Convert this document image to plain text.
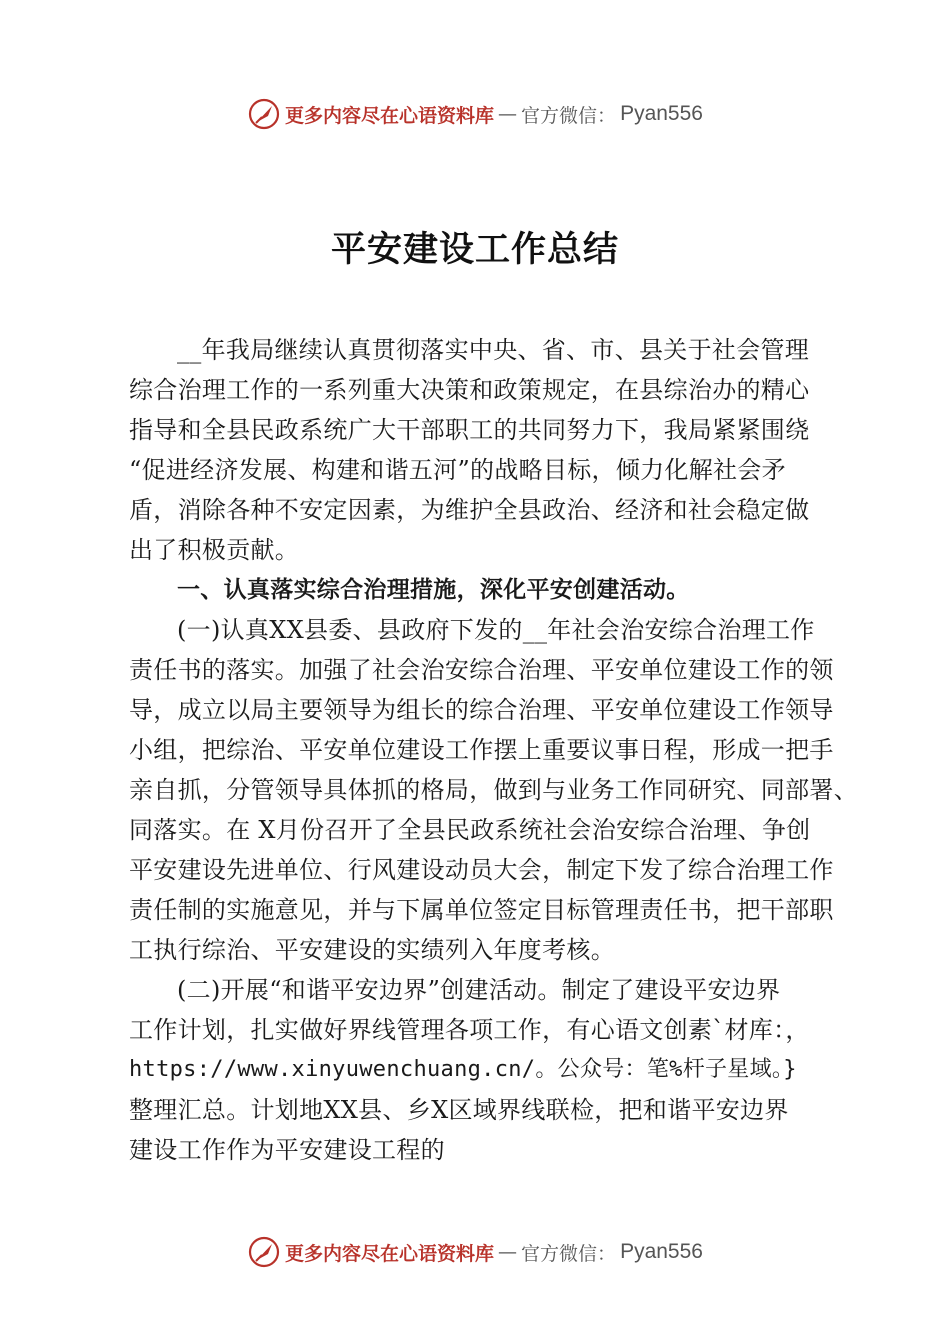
更多内容尽在心语资料库 — 官方微信： Pyan556
平安建设工作总结
__年我局继续认真贯彻落实中央、省、市、县关于社会管理
综合治理工作的一系列重大决策和政策规定，在县综治办的精心
指导和全县民政系统广大干部职工的共同努力下，我局紧紧围绕
“促进经济发展、构建和谐五河”的战略目标，倾力化解社会矛
盾，消除各种不安定因素，为维护全县政治、经济和社会稳定做
出了积极贡献。
一、认真落实综合治理措施，深化平安创建活动。
(一)认真XX县委、县政府下发的__年社会治安综合治理工作
责任书的落实。加强了社会治安综合治理、平安单位建设工作的领
导，成立以局主要领导为组长的综合治理、平安单位建设工作领导
小组，把综治、平安单位建设工作摆上重要议事日程，形成一把手
亲自抓，分管领导具体抓的格局，做到与业务工作同研究、同部署、
同落实。在 X月份召开了全县民政系统社会治安综合治理、争创
平安建设先进单位、行风建设动员大会，制定下发了综合治理工作
责任制的实施意见，并与下属单位签定目标管理责任书，把干部职
工执行综治、平安建设的实绩列入年度考核。
(二)开展“和谐平安边界”创建活动。制定了建设平安边界
工作计划，扎实做好界线管理各项工作，有心语文创素`材库：，
https://www.xinyuwenchuang.cn/。公众号：笔%杆子星域。}
整理汇总。计划地XX县、乡X区域界线联检，把和谐平安边界
建设工作作为平安建设工程的
更多内容尽在心语资料库 — 官方微信： Pyan556
